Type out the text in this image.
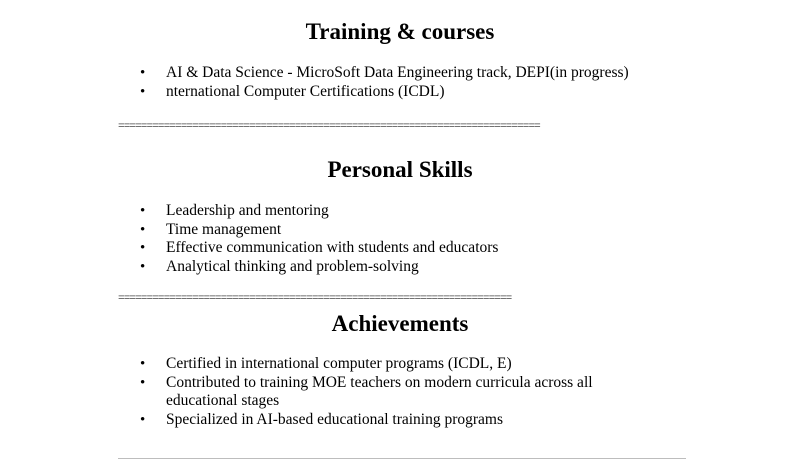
Training & courses
• AI & Data Science - MicroSoft Data Engineering track, DEPI(in progress)
• nternational Computer Certifications (ICDL)
==========================================================================
Personal Skills
• Leadership and mentoring
• Time management
• Effective communication with students and educators
• Analytical thinking and problem-solving
=====================================================================
Achievements
• Certified in international computer programs (ICDL, E)
• Contributed to training MOE teachers on modern curricula across all educational stages
• Specialized in AI-based educational training programs
